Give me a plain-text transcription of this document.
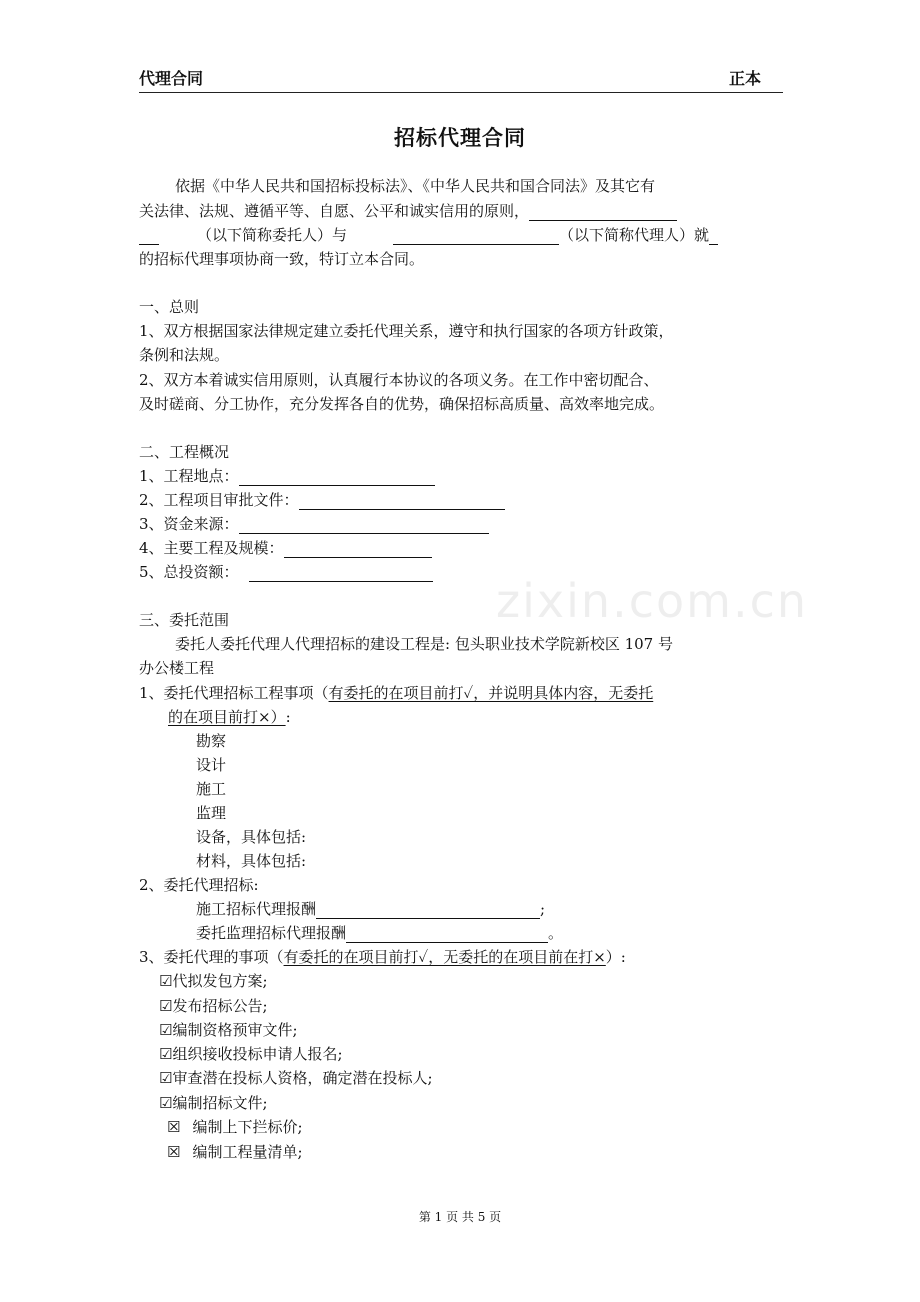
代理合同	正本
招标代理合同
依据《中华人民共和国招标投标法》、《中华人民共和国合同法》及其它有
关法律、法规、遵循平等、自愿、公平和诚实信用的原则，
（以下简称委托人）与	（以下简称代理人）就
的招标代理事项协商一致，特订立本合同。
一、总则
1、双方根据国家法律规定建立委托代理关系，遵守和执行国家的各项方针政策，
条例和法规。
2、双方本着诚实信用原则，认真履行本协议的各项义务。在工作中密切配合、
及时磋商、分工协作，充分发挥各自的优势，确保招标高质量、高效率地完成。
二、工程概况
1、工程地点：
2、工程项目审批文件：
3、资金来源：
4、主要工程及规模：
5、总投资额：
zixin.com.cn
三、委托范围
委托人委托代理人代理招标的建设工程是: 包头职业技术学院新校区 107 号
办公楼工程
1、委托代理招标工程事项（有委托的在项目前打✓，并说明具体内容，无委托
的在项目前打×）:
勘察
设计
施工
监理
设备，具体包括:
材料，具体包括:
2、委托代理招标:
施工招标代理报酬	;
委托监理招标代理报酬	。
3、委托代理的事项（有委托的在项目前打✓，无委托的在项目前在打×）:
☑代拟发包方案;
☑发布招标公告;
☑编制资格预审文件;
☑组织接收投标申请人报名;
☑审查潜在投标人资格，确定潜在投标人;
☑编制招标文件;
☒ 编制上下拦标价;
☒ 编制工程量清单;
第 1 页 共 5 页
